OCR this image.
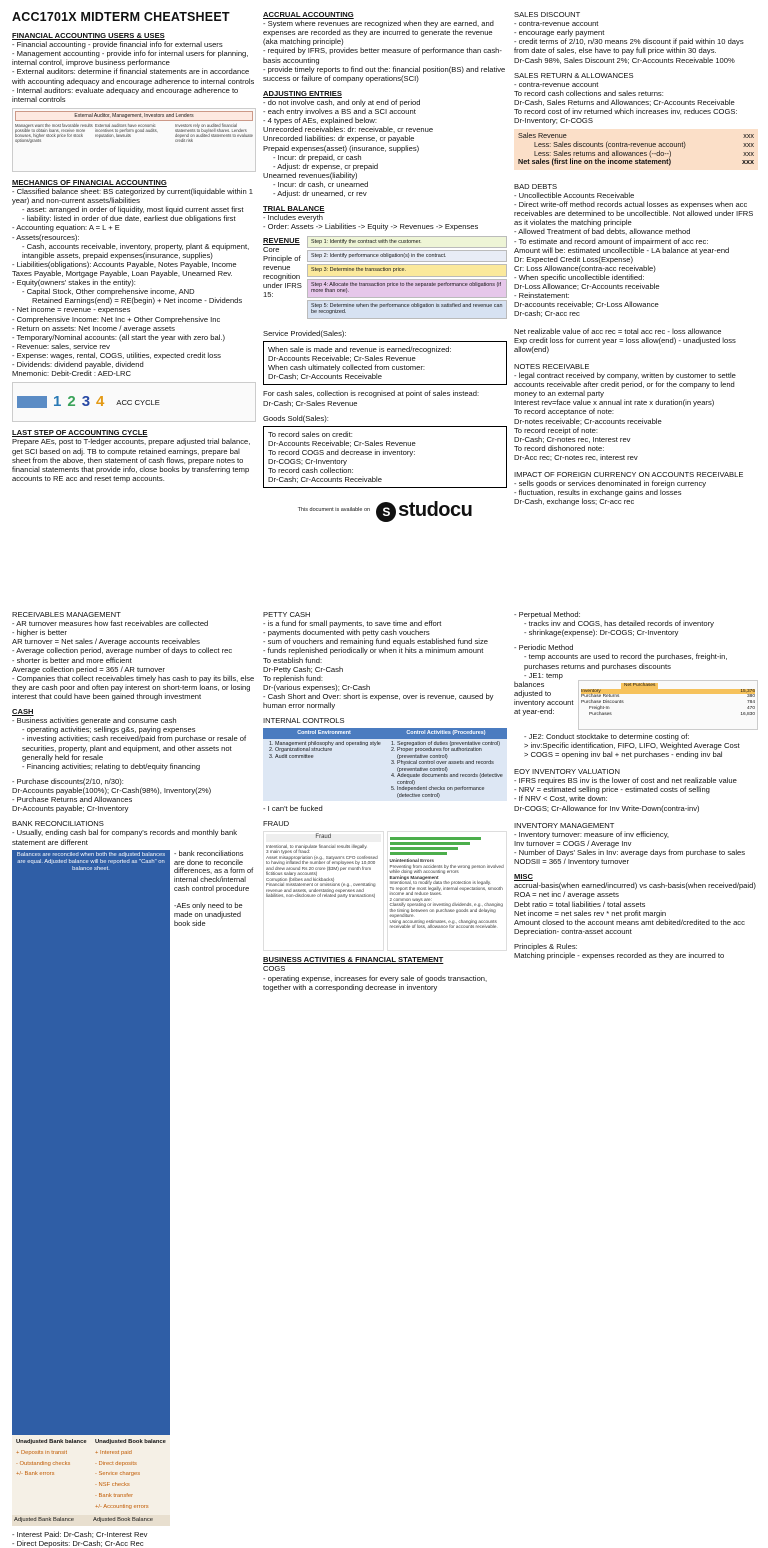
ACC1701X MIDTERM CHEATSHEET
FINANCIAL ACCOUNTING USERS & USES
- Financial accounting - provide financial info for external users
- Management accounting - provide info for internal users for planning, internal control, improve business performance
- External auditors: determine if financial statements are in accordance with accounting adequacy and encourage adherence to internal controls
- Internal auditors: evaluate adequacy and encourage adherence to internal controls
External Auditor, Management, Investors and Lenders
Managers want the most favorable results possible to obtain loans, receive more bonuses, higher stock price for stock options/grants
External auditors have economic incentives to perform good audits, reputation, lawsuits
Investors rely on audited financial statements to buy/sell shares. Lenders depend on audited statements to evaluate credit risk
MECHANICS OF FINANCIAL ACCOUNTING
- Classified balance sheet: BS categorized by current(liquidable within 1 year) and non-current assets/liabilities
- asset: arranged in order of liquidity, most liquid current asset first
- liability: listed in order of due date, earliest due obligations first
- Accounting equation: A = L + E
- Assets(resources):
- Cash, accounts receivable, inventory, property, plant & equipment, intangible assets, prepaid expenses(insurance, supplies)
- Liabilities(obligations): Accounts Payable, Notes Payable, Income Taxes Payable, Mortgage Payable, Loan Payable, Unearned Rev.
- Equity(owners' stakes in the entity):
- Capital Stock, Other comprehensive income, AND
Retained Earnings(end) = RE(begin) + Net income - Dividends
- Net income = revenue - expenses
- Comprehensive Income: Net Inc + Other Comprehensive Inc
- Return on assets: Net Income / average assets
- Temporary/Nominal accounts: (all start the year with zero bal.)
- Revenue: sales, service rev
- Expense: wages, rental, COGS, utilities, expected credit loss
- Dividends: dividend payable, dividend
Mnemonic: Debit-Credit : AED-LRC
1 2 3 4 ACC CYCLE
LAST STEP OF ACCOUNTING CYCLE
Prepare AEs, post to T-ledger accounts, prepare adjusted trial balance, get SCI based on adj. TB to compute retained earnings, prepare bal sheet from the above, then statement of cash flows, prepare notes to financial statements that provide info, close books by transferring temp accounts to RE acc and reset temp accounts.
ACCRUAL ACCOUNTING
- System where revenues are recognized when they are earned, and expenses are recorded as they are incurred to generate the revenue (aka matching principle)
- required by IFRS, provides better measure of performance than cash-basis accounting
- provide timely reports to find out the: financial position(BS) and relative success or failure of company operations(SCI)
ADJUSTING ENTRIES
- do not involve cash, and only at end of period
- each entry involves a BS and a SCI account
- 4 types of AEs, explained below:
Unrecorded receivables: dr: receivable, cr revenue
Unrecorded liabilities: dr expense, cr payable
Prepaid expenses(asset) (insurance, supplies)
- Incur: dr prepaid, cr cash
- Adjust: dr expense, cr prepaid
Unearned revenues(liability)
- Incur: dr cash, cr unearned
- Adjust: dr unearned, cr rev
TRIAL BALANCE
- Includes everyth
- Order: Assets -> Liabilities -> Equity -> Revenues -> Expenses
REVENUE
Core Principle of revenue recognition under IFRS 15:
Step 1: Identify the contract with the customer.
Step 2: Identify performance obligation(s) in the contract.
Step 3: Determine the transaction price.
Step 4: Allocate the transaction price to the separate performance obligations (if more than one).
Step 5: Determine when the performance obligation is satisfied and revenue can be recognized.
Service Provided(Sales):
When sale is made and revenue is earned/recognized:
Dr-Accounts Receivable; Cr-Sales Revenue
When cash ultimately collected from customer:
Dr-Cash; Cr-Accounts Receivable
For cash sales, collection is recognised at point of sales instead:
Dr-Cash; Cr-Sales Revenue
Goods Sold(Sales):
To record sales on credit:
Dr-Accounts Receivable; Cr-Sales Revenue
To record COGS and decrease in inventory:
Dr-COGS; Cr-Inventory
To record cash collection:
Dr-Cash; Cr-Accounts Receivable
This document is available on	S studocu
SALES DISCOUNT
- contra-revenue account
- encourage early payment
- credit terms of 2/10, n/30 means 2% discount if paid within 10 days from date of sales, else have to pay full price within 30 days.
Dr-Cash 98%, Sales Discount 2%; Cr-Accounts Receivable 100%
SALES RETURN & ALLOWANCES
- contra-revenue account
To record cash collections and sales returns:
Dr-Cash, Sales Returns and Allowances; Cr-Accounts Receivable
To record cost of inv returned which increases inv, reduces COGS:
Dr-Inventory; Cr-COGS
Sales Revenue	xxx
Less: Sales discounts (contra-revenue account)	xxx
Less: Sales returns and allowances (--do--)	xxx
Net sales (first line on the income statement)	xxx
BAD DEBTS
- Uncollectible Accounts Receivable
- Direct write-off method records actual losses as expenses when acc receivables are determined to be uncollectible. Not allowed under IFRS as it violates the matching principle
- Allowed Treatment of bad debts, allowance method
- To estimate and record amount of impairment of acc rec:
Amount will be: estimated uncollectible - LA balance at year-end
Dr: Expected Credit Loss(Expense)
Cr: Loss Allowance(contra-acc receivable)
- When specific uncollectible identified:
Dr-Loss Allowance; Cr-Accounts receivable
- Reinstatement:
Dr-accounts receivable; Cr-Loss Allowance
Dr-cash; Cr-acc rec
Net realizable value of acc rec = total acc rec - loss allowance
Exp credit loss for current year = loss allow(end) - unadjusted loss allow(end)
NOTES RECEIVABLE
- legal contract received by company, written by customer to settle accounts receivable after credit period, or for the company to lend money to an external party
Interest rev=face value x annual int rate x duration(in years)
To record acceptance of note:
Dr-notes receivable; Cr-accounts receivable
To record receipt of note:
Dr-Cash; Cr-notes rec, Interest rev
To record dishonored note:
Dr-Acc rec; Cr-notes rec, interest rev
IMPACT OF FOREIGN CURRENCY ON ACCOUNTS RECEIVABLE
- sells goods or services denominated in foreign currency
- fluctuation, results in exchange gains and losses
Dr-Cash, exchange loss; Cr-acc rec
RECEIVABLES MANAGEMENT
- AR turnover measures how fast receivables are collected
- higher is better
AR turnover = Net sales / Average accounts receivables
- Average collection period, average number of days to collect rec
- shorter is better and more efficient
Average collection period = 365 / AR turnover
- Companies that collect receivables timely has cash to pay its bills, else they are cash poor and often pay interest on short-term loans, or losing interest that could have been gained through investment
CASH
- Business activities generate and consume cash
- operating activities; sellings g&s, paying expenses
- investing activities; cash received/paid from purchase or resale of securities, property, plant and equipment, and other assets not generally held for resale
- Financing activities; relating to debt/equity financing
- Purchase discounts(2/10, n/30):
Dr-Accounts payable(100%); Cr-Cash(98%), Inventory(2%)
- Purchase Returns and Allowances
Dr-Accounts payable; Cr-Inventory
BANK RECONCILIATIONS
- Usually, ending cash bal for company's records and monthly bank statement are different
Balances are reconciled when both the adjusted balances are equal. Adjusted balance will be reported as "Cash" on balance sheet.
Unadjusted Bank balance
+ Deposits in transit
- Outstanding checks
+/- Bank errors
Unadjusted Book balance
+ Interest paid
- Direct deposits
- Service charges
- NSF checks
- Bank transfer
+/- Accounting errors
Adjusted Bank Balance	Adjusted Book Balance
- bank reconciliations are done to reconcile differences, as a form of internal check/internal cash control procedure
-AEs only need to be made on unadjusted book side
- Interest Paid: Dr-Cash; Cr-Interest Rev
- Direct Deposits: Dr-Cash; Cr-Acc Rec
PETTY CASH
- is a fund for small payments, to save time and effort
- payments documented with petty cash vouchers
- sum of vouchers and remaining fund equals established fund size
- funds replenished periodically or when it hits a minimum amount
To establish fund:
Dr-Petty Cash; Cr-Cash
To replenish fund:
Dr-(various expenses); Cr-Cash
- Cash Short and Over: short is expense, over is revenue, caused by human error normally
INTERNAL CONTROLS
Control Environment	Control Activities (Procedures)
1. Management philosophy and operating style
2. Organizational structure
3. Audit committee
1. Segregation of duties (preventative control)
2. Proper procedures for authorization (preventative control)
3. Physical control over assets and records (preventative control)
4. Adequate documents and records (detective control)
5. Independent checks on performance (detective control)
- I can't be fucked
FRAUD
Fraud
Intentional, to manipulate financial results illegally.
3 main types of fraud:
Asset misappropriation (e.g., Satyam's CFO confessed to having inflated the number of employees by 10,000 and drew around Rs 20 crore ($3M) per month from fictitious salary accounts)
Corruption (bribes and kickbacks)
Financial misstatement or omissions (e.g., overstating revenue and assets, understating expenses and liabilities, non-disclosure of related party transactions)
Unintentional Errors
Preventing from accidents by the wrong person involved while doing with accounting errors
Earnings Management
Intentional, to modify data the protection is legally.
To report the most legally, internal expectations, smooth income and reduce taxes.
2 common ways are:
Classify operating or investing dividends, e.g., changing the timing between on purchase goods and delaying expenditure.
Using accounting estimates, e.g., changing accounts receivable of loss, allowance for accounts receivable.
BUSINESS ACTIVITIES & FINANCIAL STATEMENT
COGS
- operating expense, increases for every sale of goods transaction, together with a corresponding decrease in inventory
- Perpetual Method:
- tracks inv and COGS, has detailed records of inventory
- shrinkage(expense): Dr-COGS; Cr-Inventory
- Periodic Method
- temp accounts are used to record the purchases, freight-in, purchases returns and purchases discounts
- JE1: temp
balances adjusted to inventory account at year-end:
Net Purchases
Inventory	15,376
Purchase Returns	380
Purchase Discounts	784
Freight-In	470
Purchases	16,830
- JE2: Conduct stocktake to determine costing of:
> inv:Specific identification, FIFO, LIFO, Weighted Average Cost
> COGS = opening inv bal + net purchases - ending inv bal
EOY INVENTORY VALUATION
- IFRS requires BS inv is the lower of cost and net realizable value
- NRV = estimated selling price - estimated costs of selling
- If NRV < Cost, write down:
Dr-COGS; Cr-Allowance for Inv Write-Down(contra-inv)
INVENTORY MANAGEMENT
- Inventory turnover: measure of inv efficiency,
Inv turnover = COGS / Average Inv
- Number of Days' Sales in Inv: average days from purchase to sales
NODSII = 365 / Inventory turnover
MISC
accrual-basis(when earned/incurred) vs cash-basis(when received/paid)
ROA = net inc / average assets
Debt ratio = total liabilities / total assets
Net income = net sales rev * net profit margin
Amount closed to the account means amt debited/credited to the acc
Depreciation- contra-asset account
Principles & Rules:
Matching principle - expenses recorded as they are incurred to
